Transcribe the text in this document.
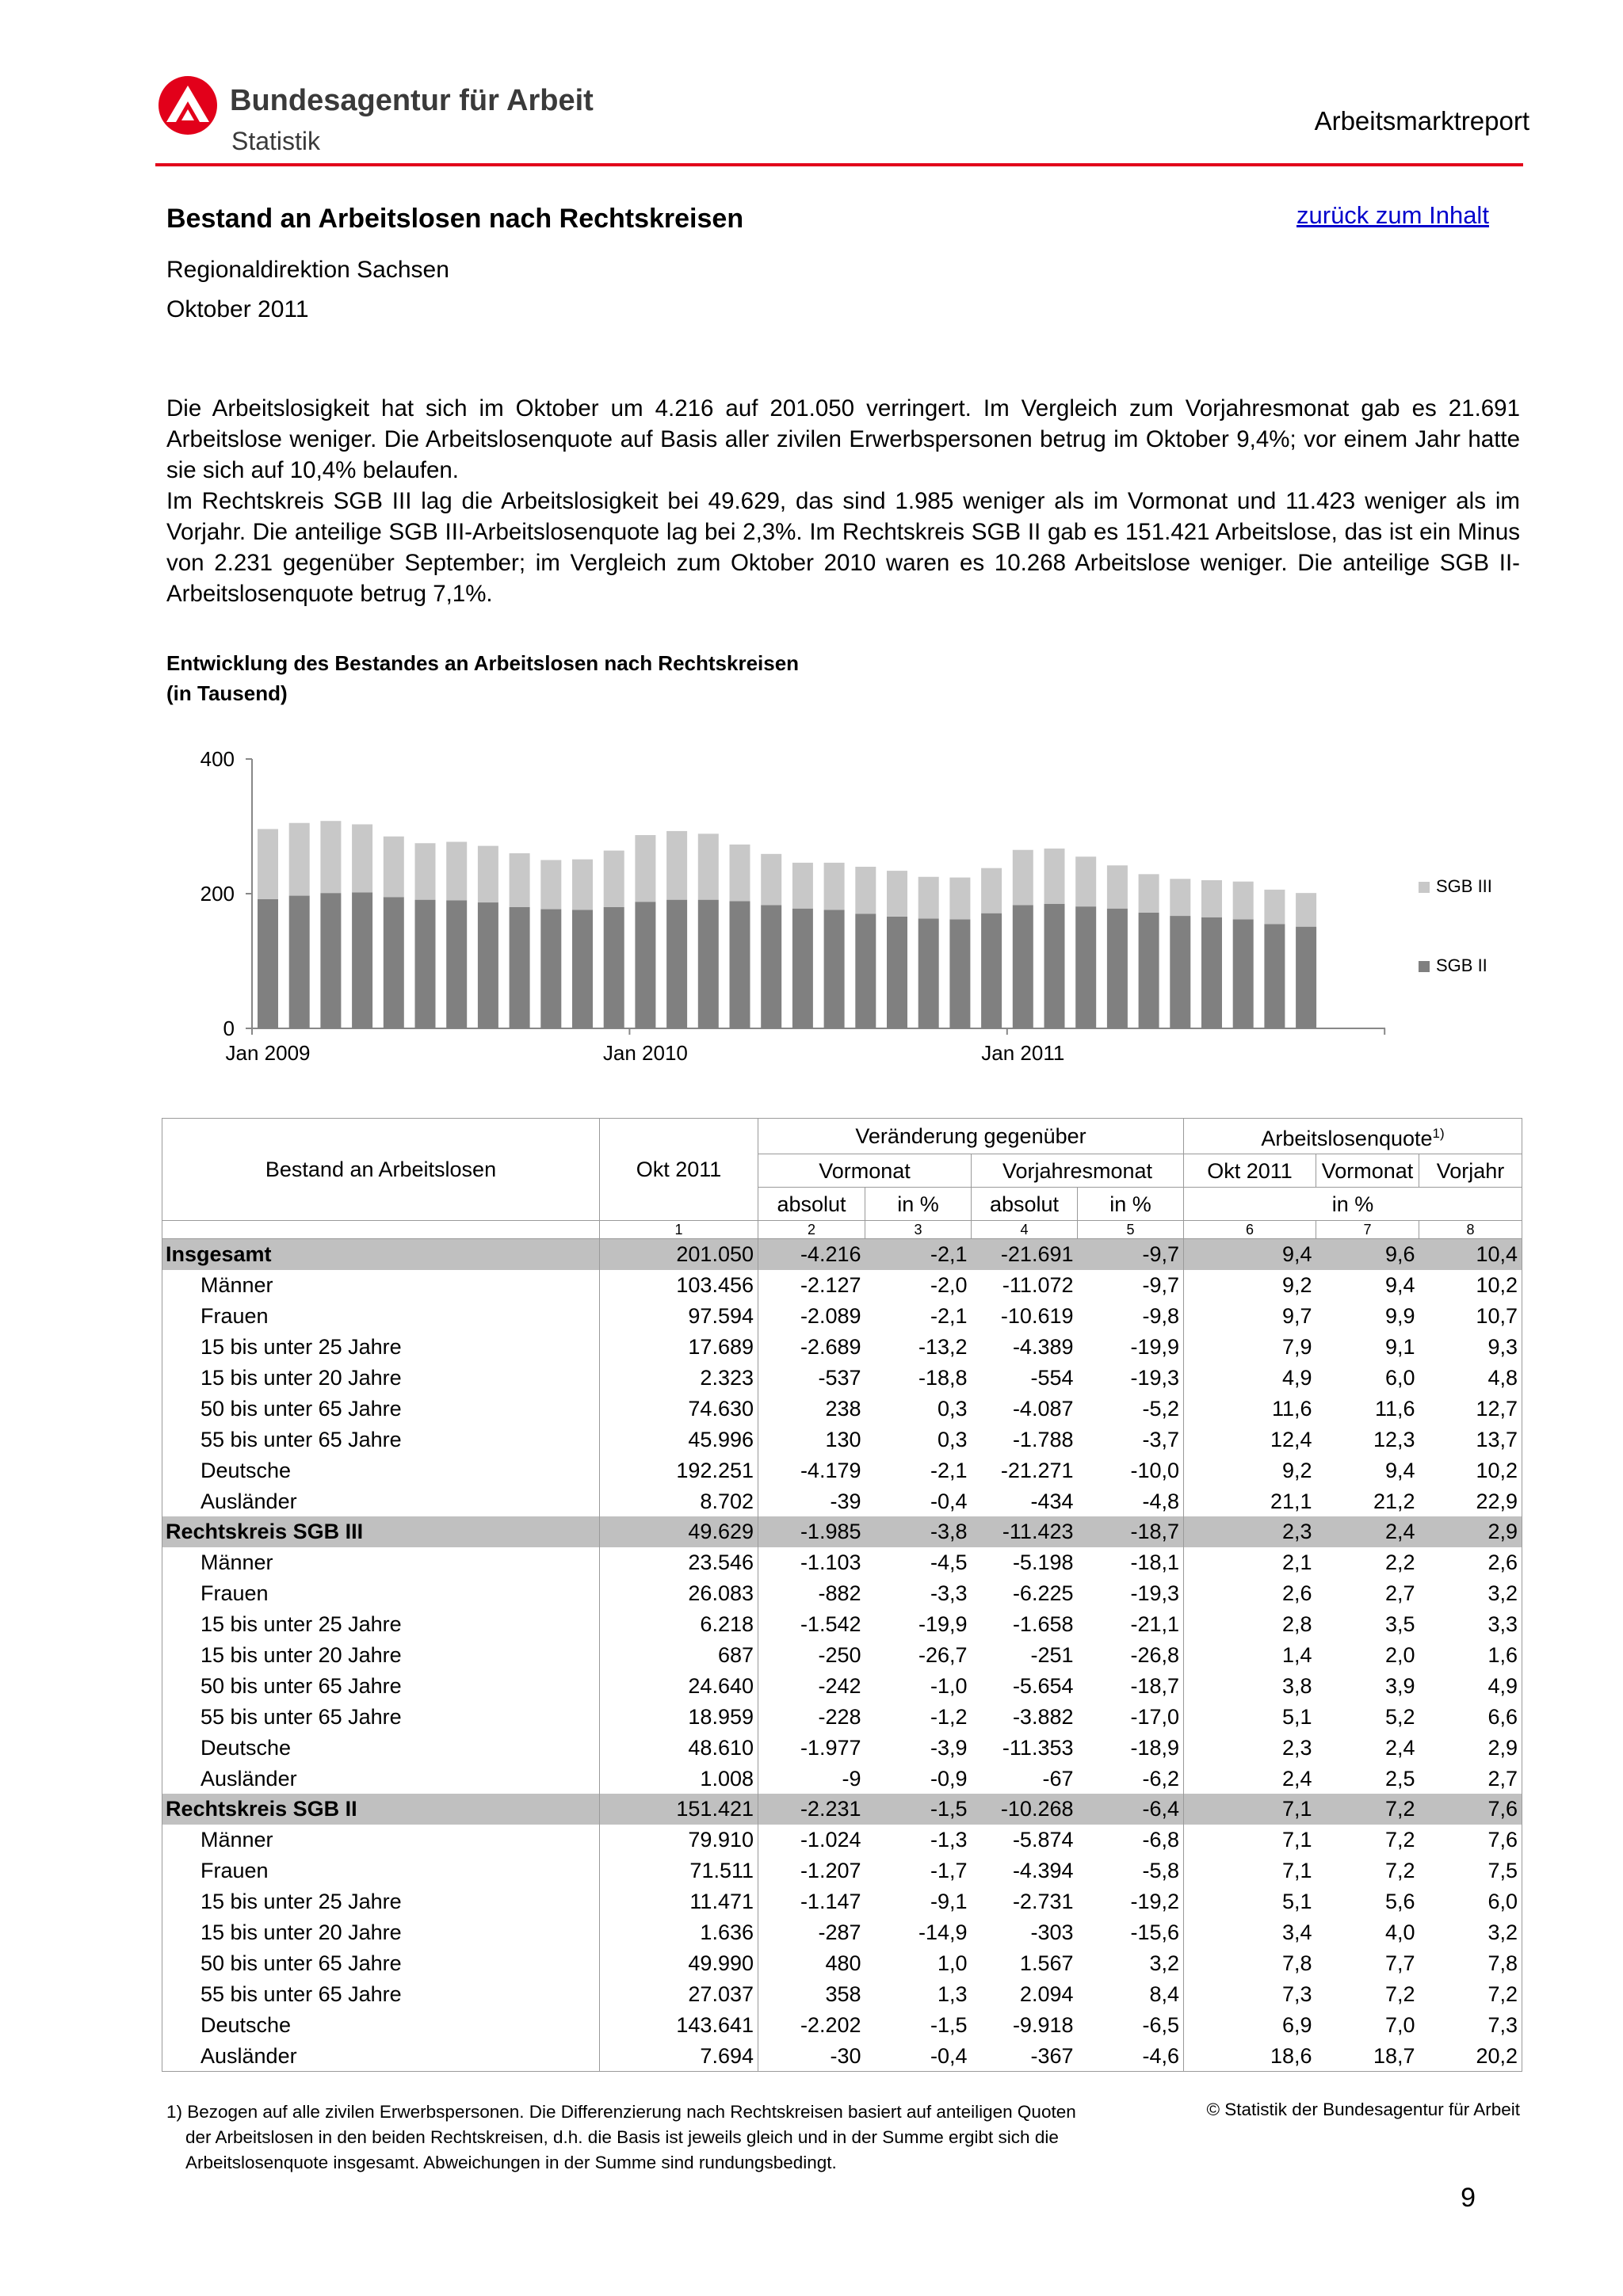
Bundesagentur für Arbeit
Statistik
Arbeitsmarktreport
Bestand an Arbeitslosen nach Rechtskreisen	zurück zum Inhalt
Regionaldirektion Sachsen
Oktober 2011

Die Arbeitslosigkeit hat sich im Oktober um 4.216 auf 201.050 verringert. Im Vergleich zum Vorjahresmonat gab es 21.691 Arbeitslose weniger. Die Arbeitslosenquote auf Basis aller zivilen Erwerbspersonen betrug im Oktober 9,4%; vor einem Jahr hatte sie sich auf 10,4% belaufen.

Im Rechtskreis SGB III lag die Arbeitslosigkeit bei 49.629, das sind 1.985 weniger als im Vormonat und 11.423 weniger als im Vorjahr. Die anteilige SGB III-Arbeitslosenquote lag bei 2,3%. Im Rechtskreis SGB II gab es 151.421 Arbeitslose, das ist ein Minus von 2.231 gegenüber September; im Vergleich zum Oktober 2010 waren es 10.268 Arbeitslose weniger. Die anteilige SGB II-Arbeitslosenquote betrug 7,1%.

Entwicklung des Bestandes an Arbeitslosen nach Rechtskreisen
(in Tausend)
0
200
400
Jan 2009	Jan 2010	Jan 2011
SGB III
SGB II
Bestand an Arbeitslosen	Okt 2011	Veränderung gegenüber				Arbeitslosenquote$^{1)}$
		Vormonat		Vorjahresmonat		Okt 2011	Vormonat	Vorjahr
		absolut	in %	absolut	in %	in %		
	1	2	3	4	5	6	7	8
Insgesamt	201.050	-4.216	-2,1	-21.691	-9,7	9,4	9,6	10,4
Männer	103.456	-2.127	-2,0	-11.072	-9,7	9,2	9,4	10,2
Frauen	97.594	-2.089	-2,1	-10.619	-9,8	9,7	9,9	10,7
15 bis unter 25 Jahre	17.689	-2.689	-13,2	-4.389	-19,9	7,9	9,1	9,3
15 bis unter 20 Jahre	2.323	-537	-18,8	-554	-19,3	4,9	6,0	4,8
50 bis unter 65 Jahre	74.630	238	0,3	-4.087	-5,2	11,6	11,6	12,7
55 bis unter 65 Jahre	45.996	130	0,3	-1.788	-3,7	12,4	12,3	13,7
Deutsche	192.251	-4.179	-2,1	-21.271	-10,0	9,2	9,4	10,2
Ausländer	8.702	-39	-0,4	-434	-4,8	21,1	21,2	22,9
Rechtskreis SGB III	49.629	-1.985	-3,8	-11.423	-18,7	2,3	2,4	2,9
Männer	23.546	-1.103	-4,5	-5.198	-18,1	2,1	2,2	2,6
Frauen	26.083	-882	-3,3	-6.225	-19,3	2,6	2,7	3,2
15 bis unter 25 Jahre	6.218	-1.542	-19,9	-1.658	-21,1	2,8	3,5	3,3
15 bis unter 20 Jahre	687	-250	-26,7	-251	-26,8	1,4	2,0	1,6
50 bis unter 65 Jahre	24.640	-242	-1,0	-5.654	-18,7	3,8	3,9	4,9
55 bis unter 65 Jahre	18.959	-228	-1,2	-3.882	-17,0	5,1	5,2	6,6
Deutsche	48.610	-1.977	-3,9	-11.353	-18,9	2,3	2,4	2,9
Ausländer	1.008	-9	-0,9	-67	-6,2	2,4	2,5	2,7
Rechtskreis SGB II	151.421	-2.231	-1,5	-10.268	-6,4	7,1	7,2	7,6
Männer	79.910	-1.024	-1,3	-5.874	-6,8	7,1	7,2	7,6
Frauen	71.511	-1.207	-1,7	-4.394	-5,8	7,1	7,2	7,5
15 bis unter 25 Jahre	11.471	-1.147	-9,1	-2.731	-19,2	5,1	5,6	6,0
15 bis unter 20 Jahre	1.636	-287	-14,9	-303	-15,6	3,4	4,0	3,2
50 bis unter 65 Jahre	49.990	480	1,0	1.567	3,2	7,8	7,7	7,8
55 bis unter 65 Jahre	27.037	358	1,3	2.094	8,4	7,3	7,2	7,2
Deutsche	143.641	-2.202	-1,5	-9.918	-6,5	6,9	7,0	7,3
Ausländer	7.694	-30	-0,4	-367	-4,6	18,6	18,7	20,2
1) Bezogen auf alle zivilen Erwerbspersonen. Die Differenzierung nach Rechtskreisen basiert auf anteiligen Quoten
der Arbeitslosen in den beiden Rechtskreisen, d.h. die Basis ist jeweils gleich und in der Summe ergibt sich die
Arbeitslosenquote insgesamt. Abweichungen in der Summe sind rundungsbedingt.
© Statistik der Bundesagentur für Arbeit
9
